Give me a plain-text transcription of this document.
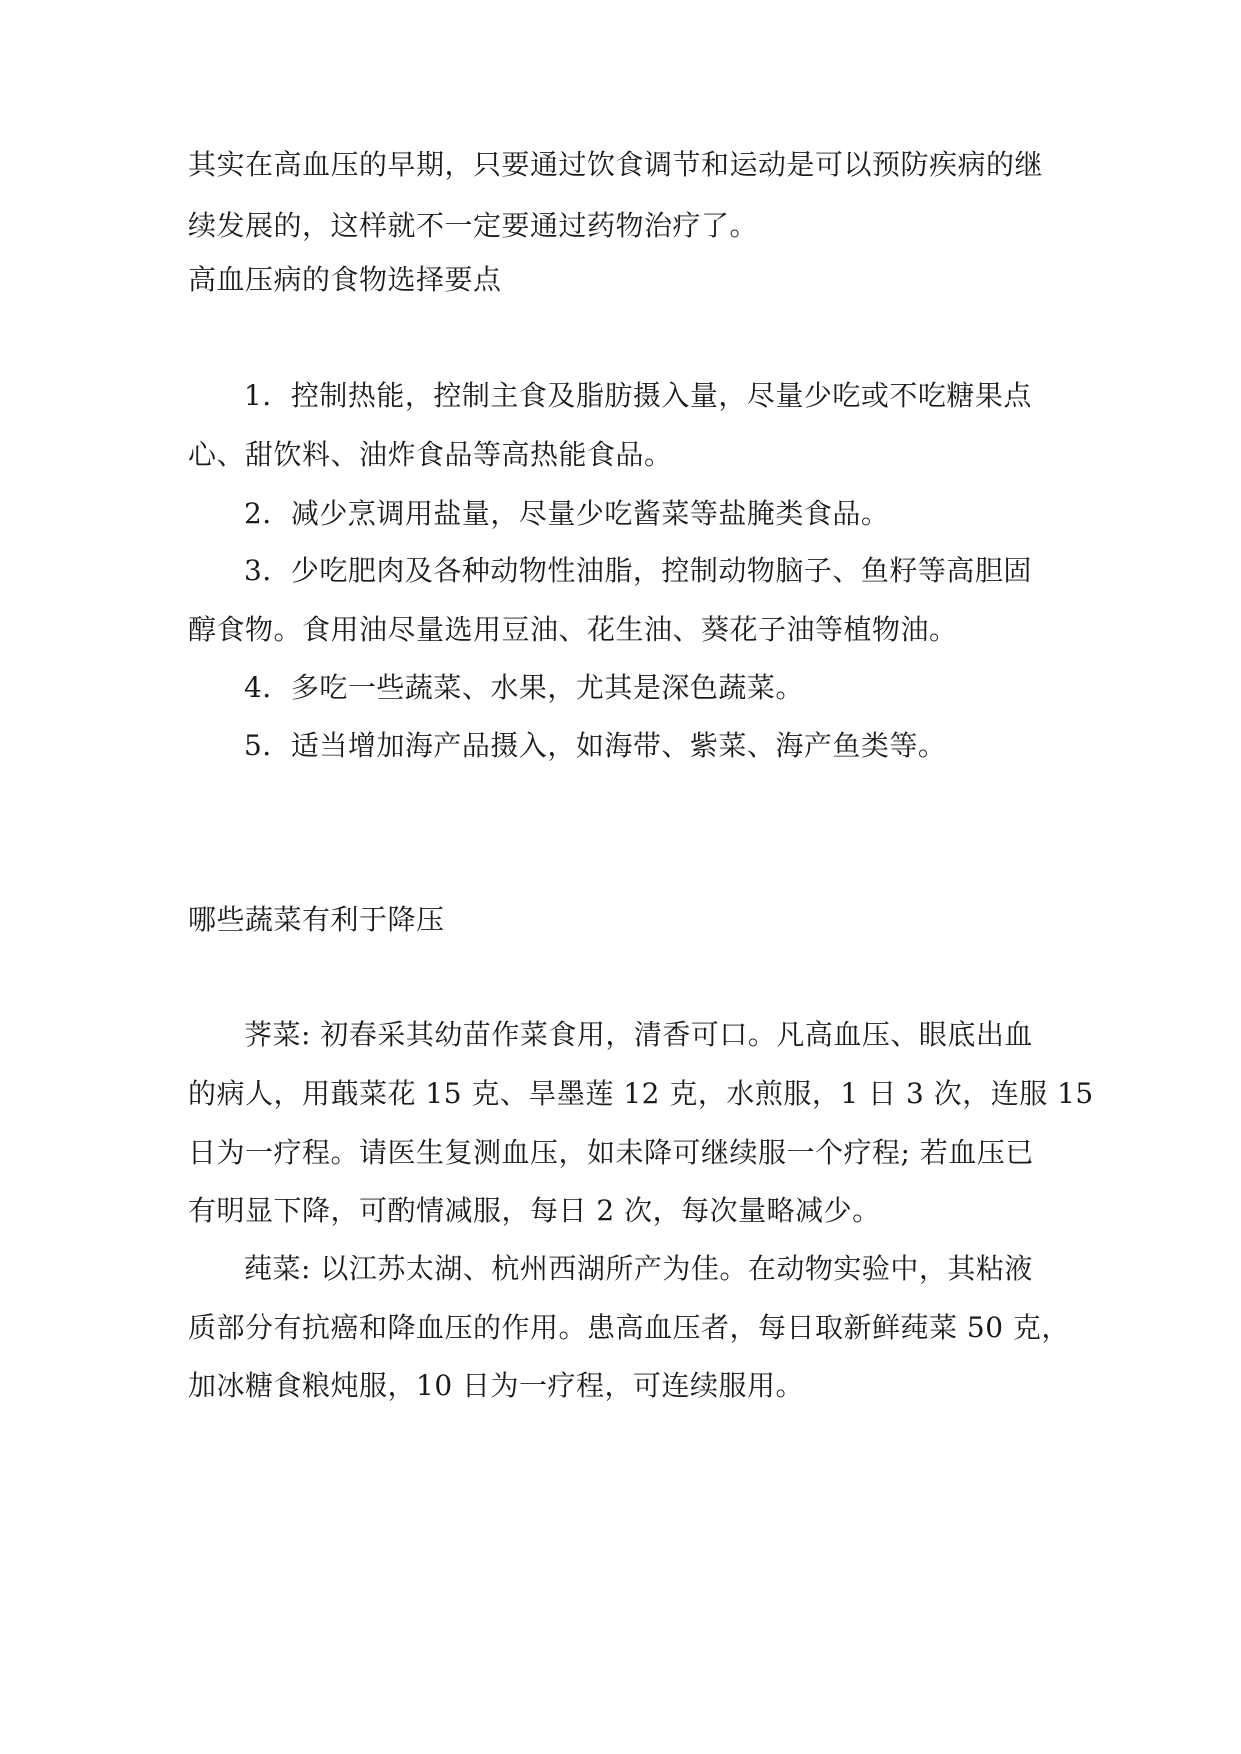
其实在高血压的早期，只要通过饮食调节和运动是可以预防疾病的继
续发展的，这样就不一定要通过药物治疗了。
高血压病的食物选择要点
1．控制热能，控制主食及脂肪摄入量，尽量少吃或不吃糖果点
心、甜饮料、油炸食品等高热能食品。
2．减少烹调用盐量，尽量少吃酱菜等盐腌类食品。
3．少吃肥肉及各种动物性油脂，控制动物脑子、鱼籽等高胆固
醇食物。食用油尽量选用豆油、花生油、葵花子油等植物油。
4．多吃一些蔬菜、水果，尤其是深色蔬菜。
5．适当增加海产品摄入，如海带、紫菜、海产鱼类等。
哪些蔬菜有利于降压
荠菜: 初春采其幼苗作菜食用，清香可口。凡高血压、眼底出血
的病人，用蕺菜花 15 克、旱墨莲 12 克，水煎服，1 日 3 次，连服 15
日为一疗程。请医生复测血压，如未降可继续服一个疗程; 若血压已
有明显下降，可酌情减服，每日 2 次，每次量略减少。
莼菜: 以江苏太湖、杭州西湖所产为佳。在动物实验中，其粘液
质部分有抗癌和降血压的作用。患高血压者，每日取新鲜莼菜 50 克，
加冰糖食粮炖服，10 日为一疗程，可连续服用。
